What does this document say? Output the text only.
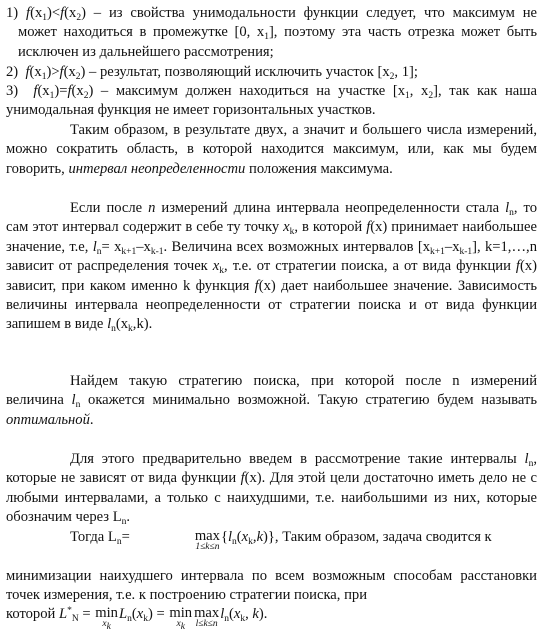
1) $f(x_1)<f(x_2)$ – из свойства унимодальности функции следует, что максимум не может находиться в промежутке [0, $x_1$], поэтому эта часть отрезка может быть исключен из дальнейшего рассмотрения;

2)  $f(x_1)>f(x_2)$ – результат, позволяющий исключить участок [$x_2$, 1];

3)  $f(x_1)=f(x_2)$ – максимум должен находиться на участке [$x_1$, $x_2$], так как наша унимодальная функция не имеет горизонтальных участков.

Таким образом, в результате двух, а значит и большего числа измерений, можно сократить область, в которой находится максимум, или, как мы будем говорить, интервал неопределенности положения максимума.

Если после n измерений длина интервала неопределенности стала $l_n$, то сам этот интервал содержит в себе ту точку $x_k$, в которой f(x) принимает наибольшее значение, т.е, $l_n= x_{k+1}-x_{k-1}$. Величина всех возможных интервалов $[x_{k+1}-x_{k-1}]$, k=1,…,n зависит от распределения точек $x_k$, т.е. от стратегии поиска, а от вида функции f(x) зависит, при каком именно k функция f(x) дает наибольшее значение. Зависимость величины интервала неопределенности от стратегии поиска и от вида функции запишем в виде $l_n(x_k,k)$.

Найдем такую стратегию поиска, при которой после n измерений величина $l_n$ окажется минимально возможной. Такую стратегию будем называть оптимальной.

Для этого предварительно введем в рассмотрение такие интервалы $l_n$, которые не зависят от вида функции f(x). Для этой цели достаточно иметь дело не с любыми интервалами, а только с наихудшими, т.е. наибольшими из них, которые обозначим через $L_n$.

Тогда $L_n=$	max
1≤k≤n
$\{l_n(x_k,k)\}$, Таким образом, задача сводится к

минимизации наихудшего интервала по всем возможным способам расстановки точек измерения, т.е. к построению стратегии поиска, при

которой $L^*_N = \min$
$x_k$
$L_n(x_k) = \min$
$x_k$
max
l≤k≤n
$l_n(x_k$, k).
